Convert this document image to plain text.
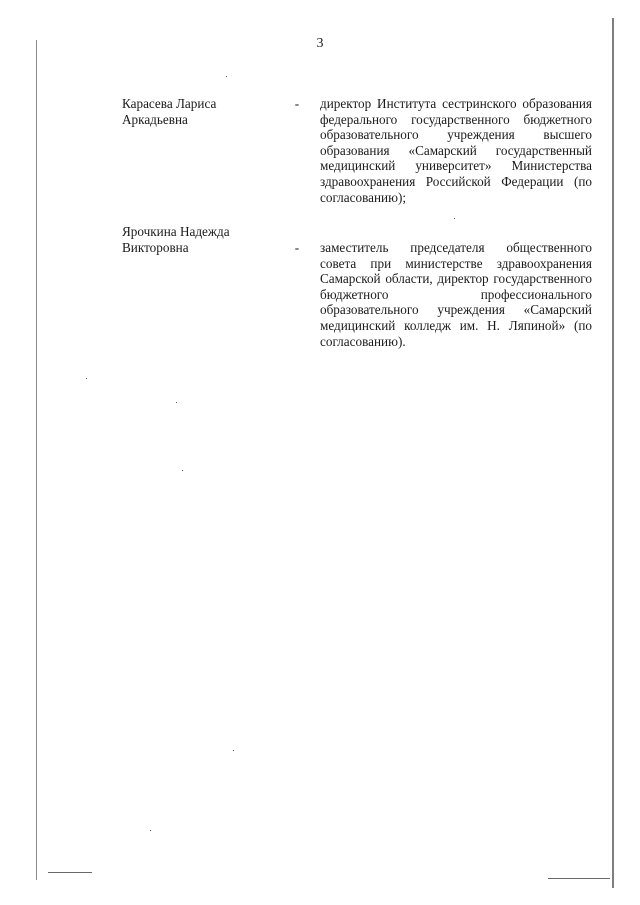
3
Карасева Лариса
Аркадьевна
- директор Института сестринского образования федерального государственного бюджетного образовательного учреждения высшего образования «Самарский государственный медицинский университет» Министерства здравоохранения Российской Федерации (по согласованию);
Ярочкина Надежда
Викторовна	- заместитель председателя общественного совета при министерстве здравоохранения Самарской области, директор государственного бюджетного профессионального образовательного учреждения «Самарский медицинский колледж им. Н. Ляпиной» (по согласованию).
